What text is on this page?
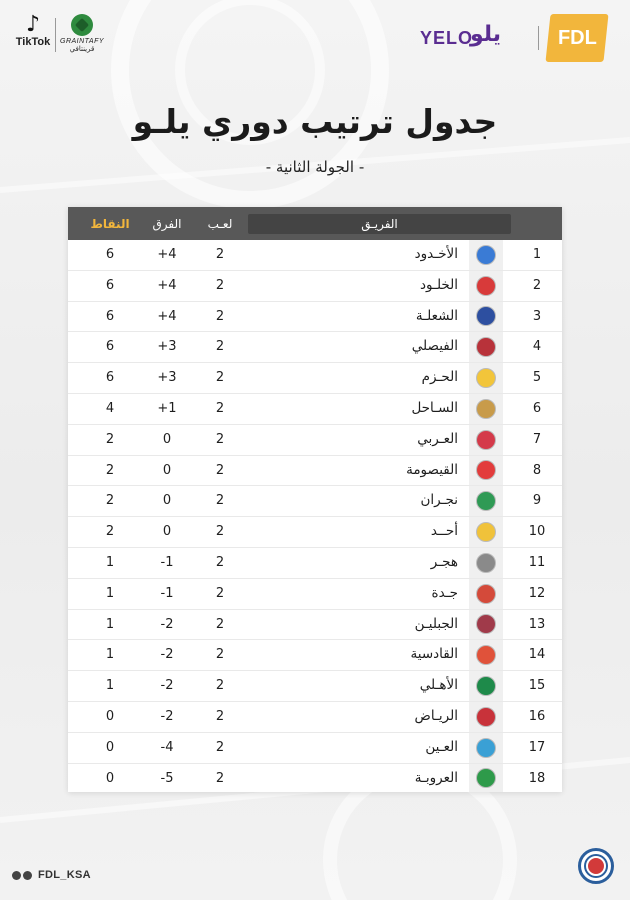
♪
TikTok GRAINTAFY
قرينتافي
YELO
يلو	FDL
جدول ترتيب دوري يلـو
- الجولة الثانية -
الفريـق
لعـب
الفرق
النقاط
1
الأخـدود
2
+4
6
2
الخلـود
2
+4
6
3
الشعلـة
2
+4
6
4
الفيصلي
2
+3
6
5
الحـزم
2
+3
6
6
السـاحل
2
+1
4
7
العـربي
2
0
2
8
القيصومة
2
0
2
9
نجـران
2
0
2
10
أحــد
2
0
2
11
هجـر
2
-1
1
12
جـدة
2
-1
1
13
الجبليـن
2
-2
1
14
القادسية
2
-2
1
15
الأهـلي
2
-2
1
16
الريـاض
2
-2
0
17
العـين
2
-4
0
18
العروبـة
2
-5
0
FDL_KSA
